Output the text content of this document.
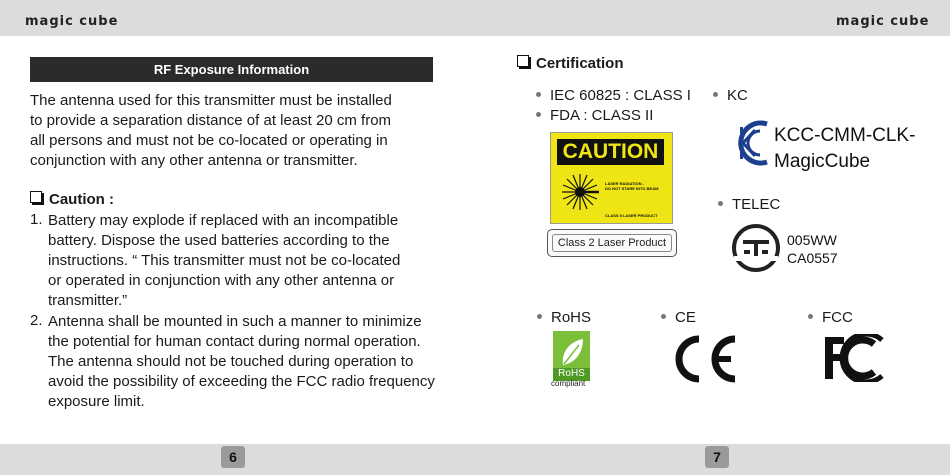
magic cube	magic cube
RF Exposure Information
The antenna used for this transmitter must be installed
to provide a separation distance of at least 20 cm from
all persons and must not be co-located or operating in
conjunction with any other antenna or transmitter.
Caution :
1. Battery may explode if replaced with an incompatible
battery. Dispose the used batteries according to the
instructions. “ This transmitter must not be co-located
or operated in conjunction with any other antenna or
transmitter.”
2. Antenna shall be mounted in such a manner to minimize
the potential for human contact during normal operation.
The antenna should not be touched during operation to
avoid the possibility of exceeding the FCC radio frequency
exposure limit.
6
Certification
IEC 60825 : CLASS I
FDA : CLASS II
CAUTION
LASER RADIATION -
DO NOT STARE INTO BEAM
CLASS II LASER PRODUCT
Class 2 Laser Product
KC
KCC-CMM-CLK-
MagicCube
TELEC
005WW
CA0557
RoHS
RoHS
compliant
CE	FCC
7
